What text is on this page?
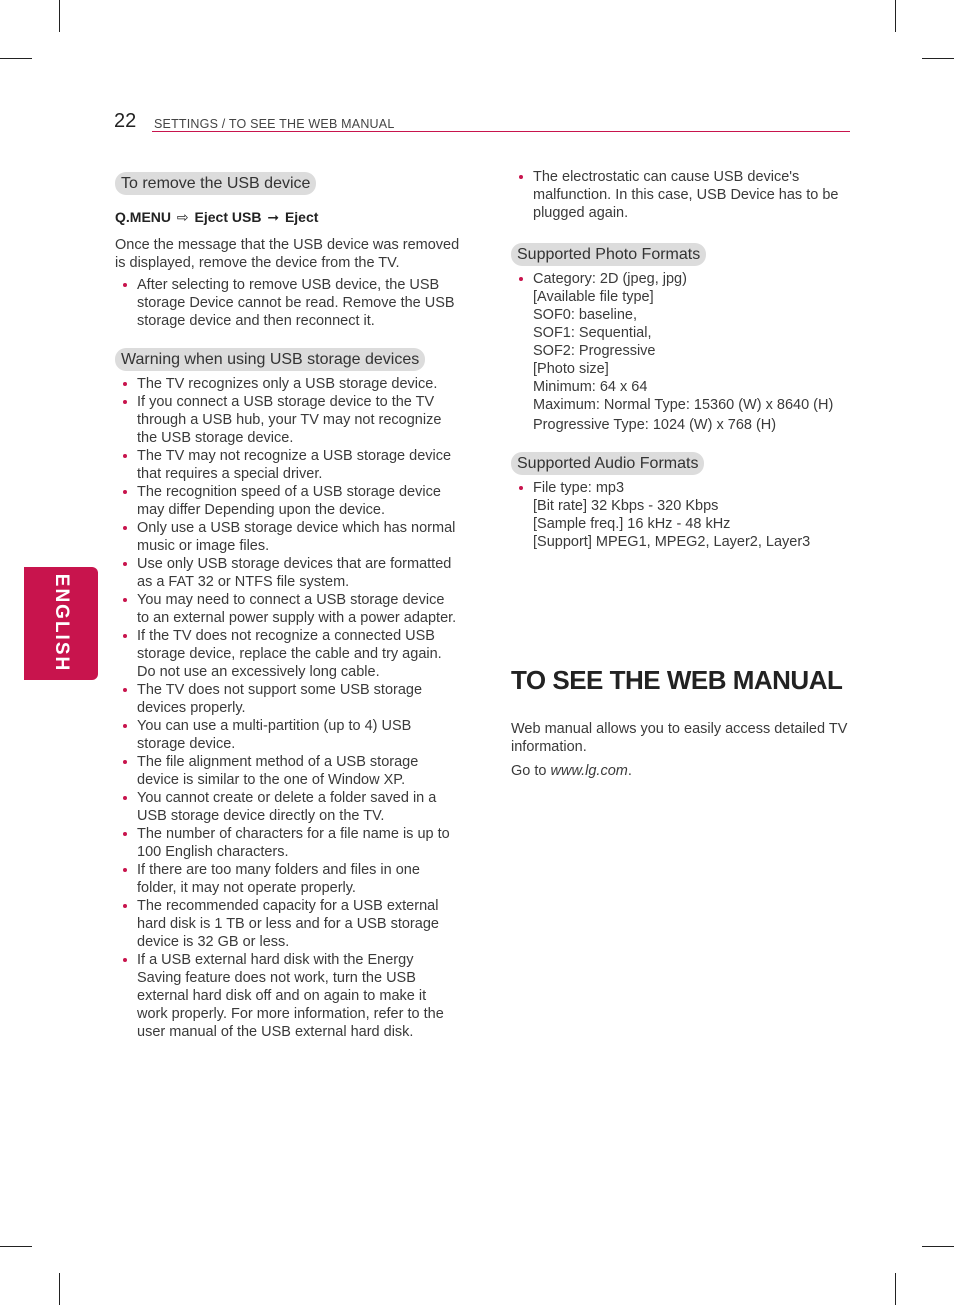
22 SETTINGS / TO SEE THE WEB MANUAL
ENGLISH
To remove the USB device
Q.MENU ⇨ Eject USB ➞ Eject

Once the message that the USB device was removed is displayed, remove the device from the TV.

After selecting to remove USB device, the USB storage Device cannot be read. Remove the USB storage device and then reconnect it.
Warning when using USB storage devices
The TV recognizes only a USB storage device.
If you connect a USB storage device to the TV through a USB hub, your TV may not recognize the USB storage device.
The TV may not recognize a USB storage device that requires a special driver.
The recognition speed of a USB storage device may differ Depending upon the device.
Only use a USB storage device which has normal music or image files.
Use only USB storage devices that are formatted as a FAT 32 or NTFS file system.
You may need to connect a USB storage device to an external power supply with a power adapter.
If the TV does not recognize a connected USB storage device, replace the cable and try again. Do not use an excessively long cable.
The TV does not support some USB storage devices properly.
You can use a multi-partition (up to 4) USB storage device.
The file alignment method of a USB storage device is similar to the one of Window XP.
You cannot create or delete a folder saved in a USB storage device directly on the TV.
The number of characters for a file name is up to 100 English characters.
If there are too many folders and files in one folder, it may not operate properly.
The recommended capacity for a USB external hard disk is 1 TB or less and for a USB storage device is 32 GB or less.
If a USB external hard disk with the Energy Saving feature does not work, turn the USB external hard disk off and on again to make it work properly. For more information, refer to the user manual of the USB external hard disk.
The electrostatic can cause USB device's malfunction. In this case, USB Device has to be plugged again.
Supported Photo Formats
Category: 2D (jpeg, jpg)
[Available file type]
SOF0: baseline,
SOF1: Sequential,
SOF2: Progressive
[Photo size]
Minimum: 64 x 64
Maximum: Normal Type: 15360 (W) x 8640 (H)
Progressive Type: 1024 (W) x 768 (H)
Supported Audio Formats
File type: mp3
[Bit rate] 32 Kbps - 320 Kbps
[Sample freq.] 16 kHz - 48 kHz
[Support] MPEG1, MPEG2, Layer2, Layer3
TO SEE THE WEB MANUAL

Web manual allows you to easily access detailed TV information.

Go to www.lg.com.
